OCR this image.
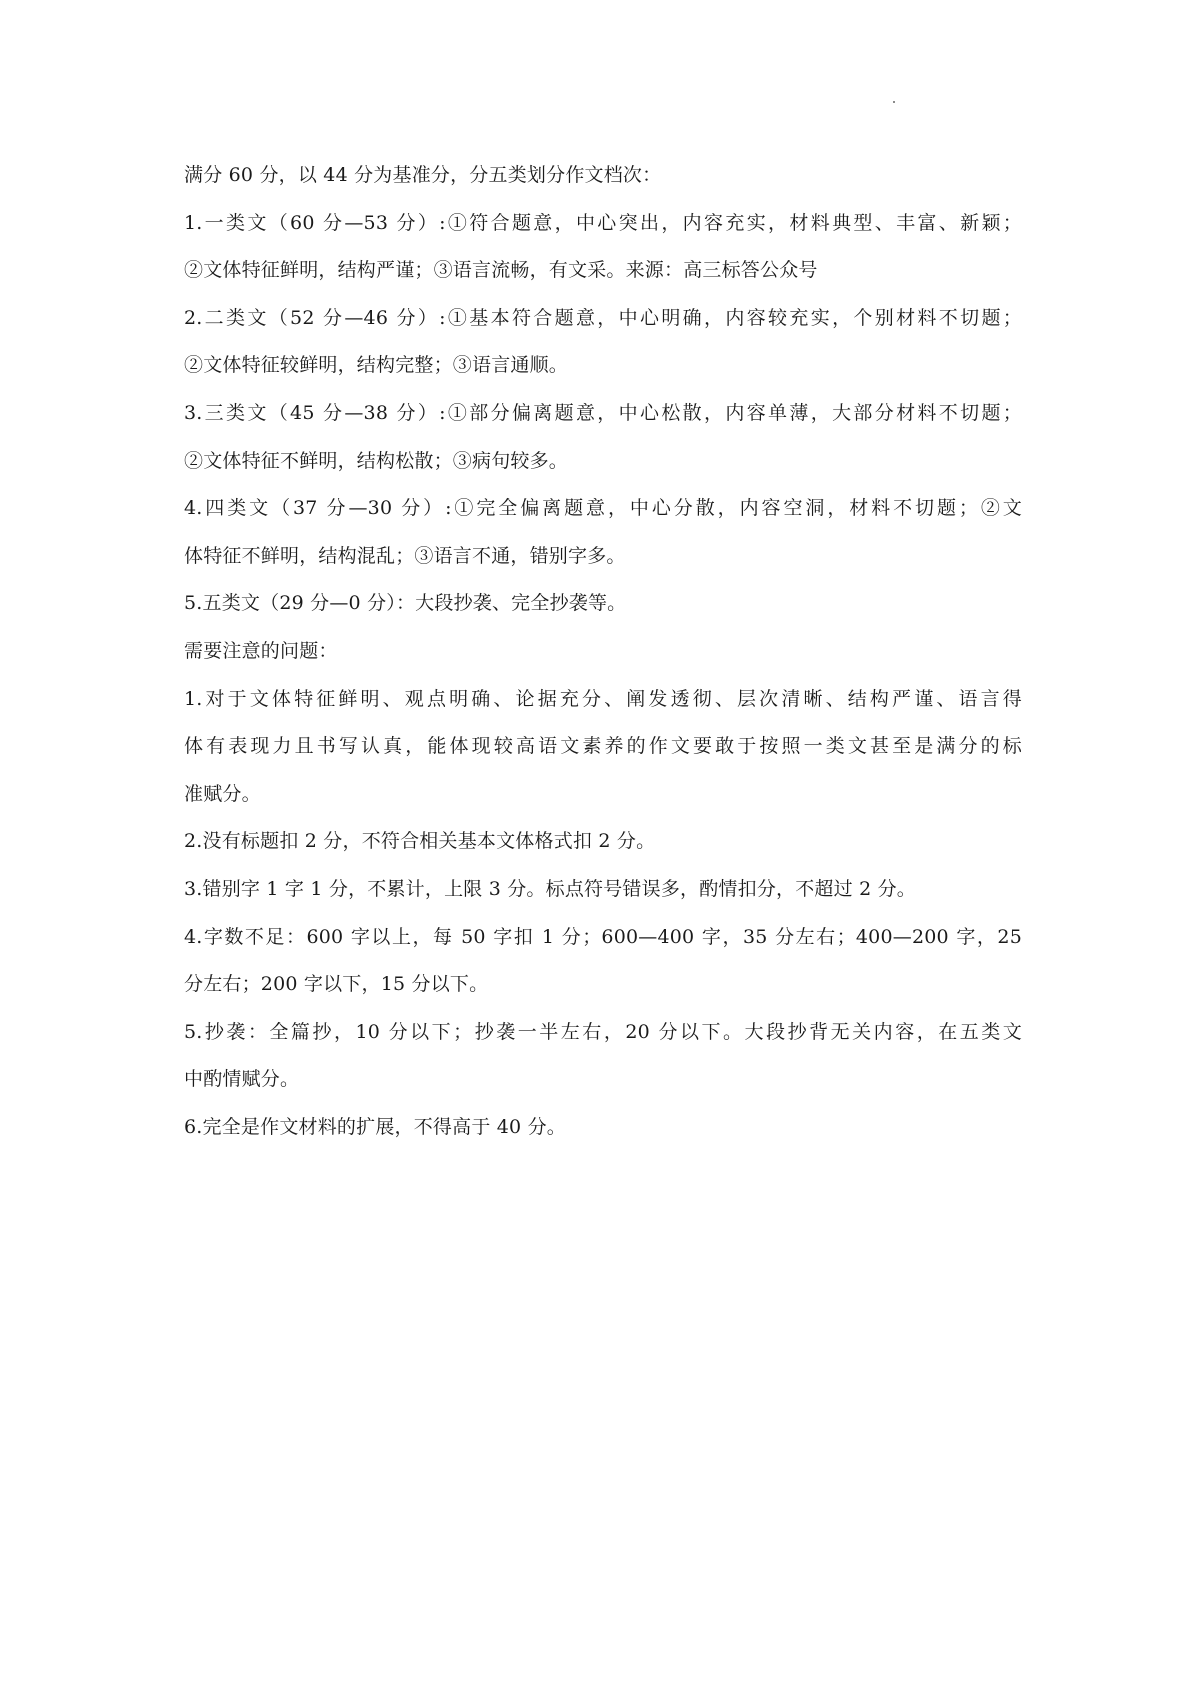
满分 60 分，以 44 分为基准分，分五类划分作文档次：
1.一类文（60 分—53 分）:①符合题意，中心突出，内容充实，材料典型、丰富、新颖；
②文体特征鲜明，结构严谨；③语言流畅，有文采。来源：高三标答公众号
2.二类文（52 分—46 分）:①基本符合题意，中心明确，内容较充实，个别材料不切题；
②文体特征较鲜明，结构完整；③语言通顺。
3.三类文（45 分—38 分）:①部分偏离题意，中心松散，内容单薄，大部分材料不切题；
②文体特征不鲜明，结构松散；③病句较多。
4.四类文（37 分—30 分）:①完全偏离题意，中心分散，内容空洞，材料不切题；②文
体特征不鲜明，结构混乱；③语言不通，错别字多。
5.五类文（29 分—0 分）：大段抄袭、完全抄袭等。
需要注意的问题：
1.对于文体特征鲜明、观点明确、论据充分、阐发透彻、层次清晰、结构严谨、语言得
体有表现力且书写认真，能体现较高语文素养的作文要敢于按照一类文甚至是满分的标
准赋分。
2.没有标题扣 2 分，不符合相关基本文体格式扣 2 分。
3.错别字 1 字 1 分，不累计，上限 3 分。标点符号错误多，酌情扣分，不超过 2 分。
4.字数不足：600 字以上，每 50 字扣 1 分；600—400 字，35 分左右；400—200 字，25
分左右；200 字以下，15 分以下。
5.抄袭：全篇抄，10 分以下；抄袭一半左右，20 分以下。大段抄背无关内容，在五类文
中酌情赋分。
6.完全是作文材料的扩展，不得高于 40 分。
